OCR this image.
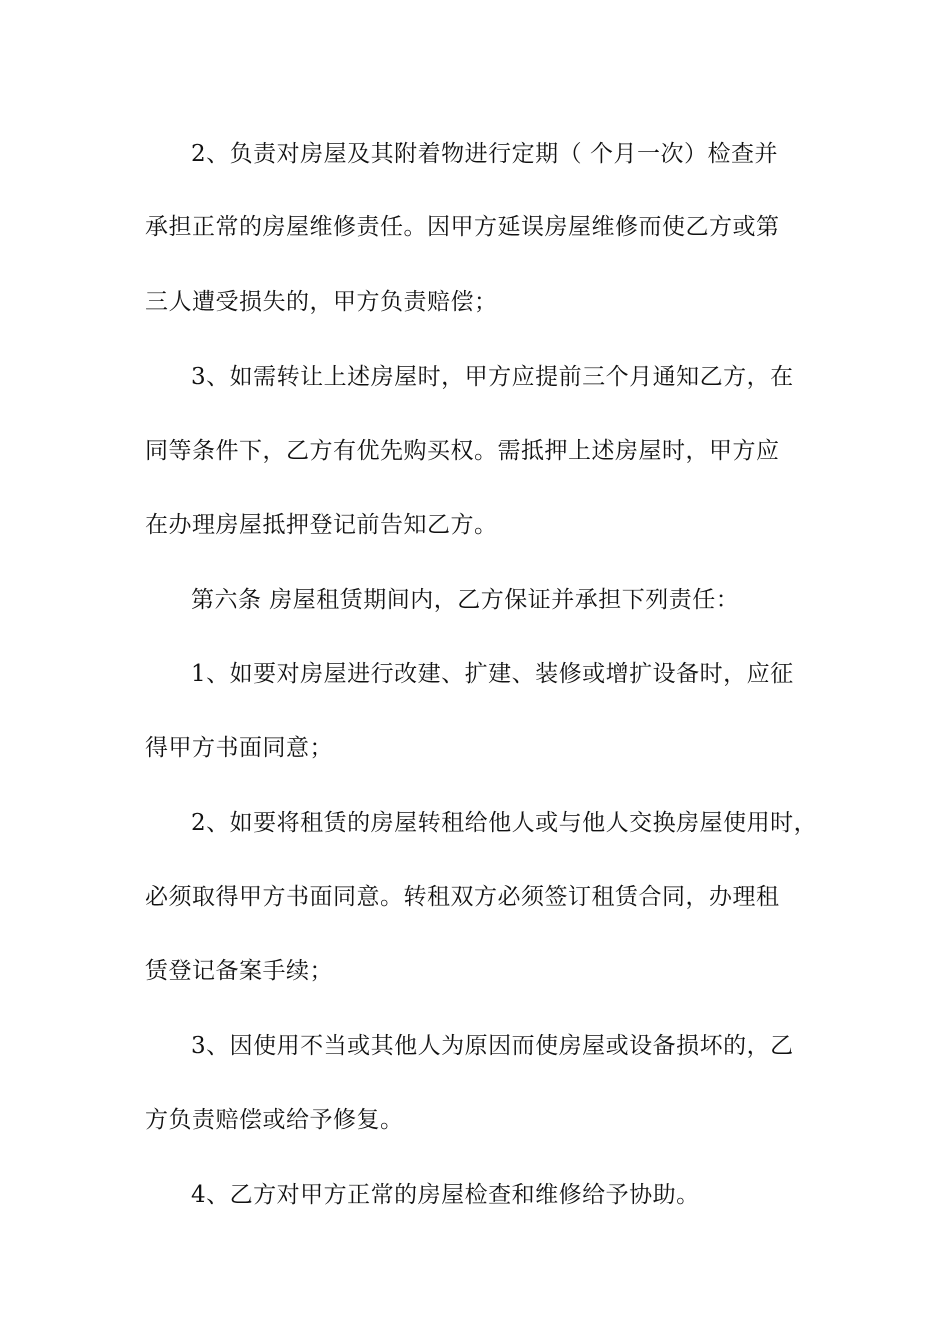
2、负责对房屋及其附着物进行定期（ 个月一次）检查并
承担正常的房屋维修责任。因甲方延误房屋维修而使乙方或第
三人遭受损失的，甲方负责赔偿；
3、如需转让上述房屋时，甲方应提前三个月通知乙方，在
同等条件下，乙方有优先购买权。需抵押上述房屋时，甲方应
在办理房屋抵押登记前告知乙方。
第六条 房屋租赁期间内，乙方保证并承担下列责任：
1、如要对房屋进行改建、扩建、装修或增扩设备时，应征
得甲方书面同意；
2、如要将租赁的房屋转租给他人或与他人交换房屋使用时，
必须取得甲方书面同意。转租双方必须签订租赁合同，办理租
赁登记备案手续；
3、因使用不当或其他人为原因而使房屋或设备损坏的，乙
方负责赔偿或给予修复。
4、乙方对甲方正常的房屋检查和维修给予协助。
